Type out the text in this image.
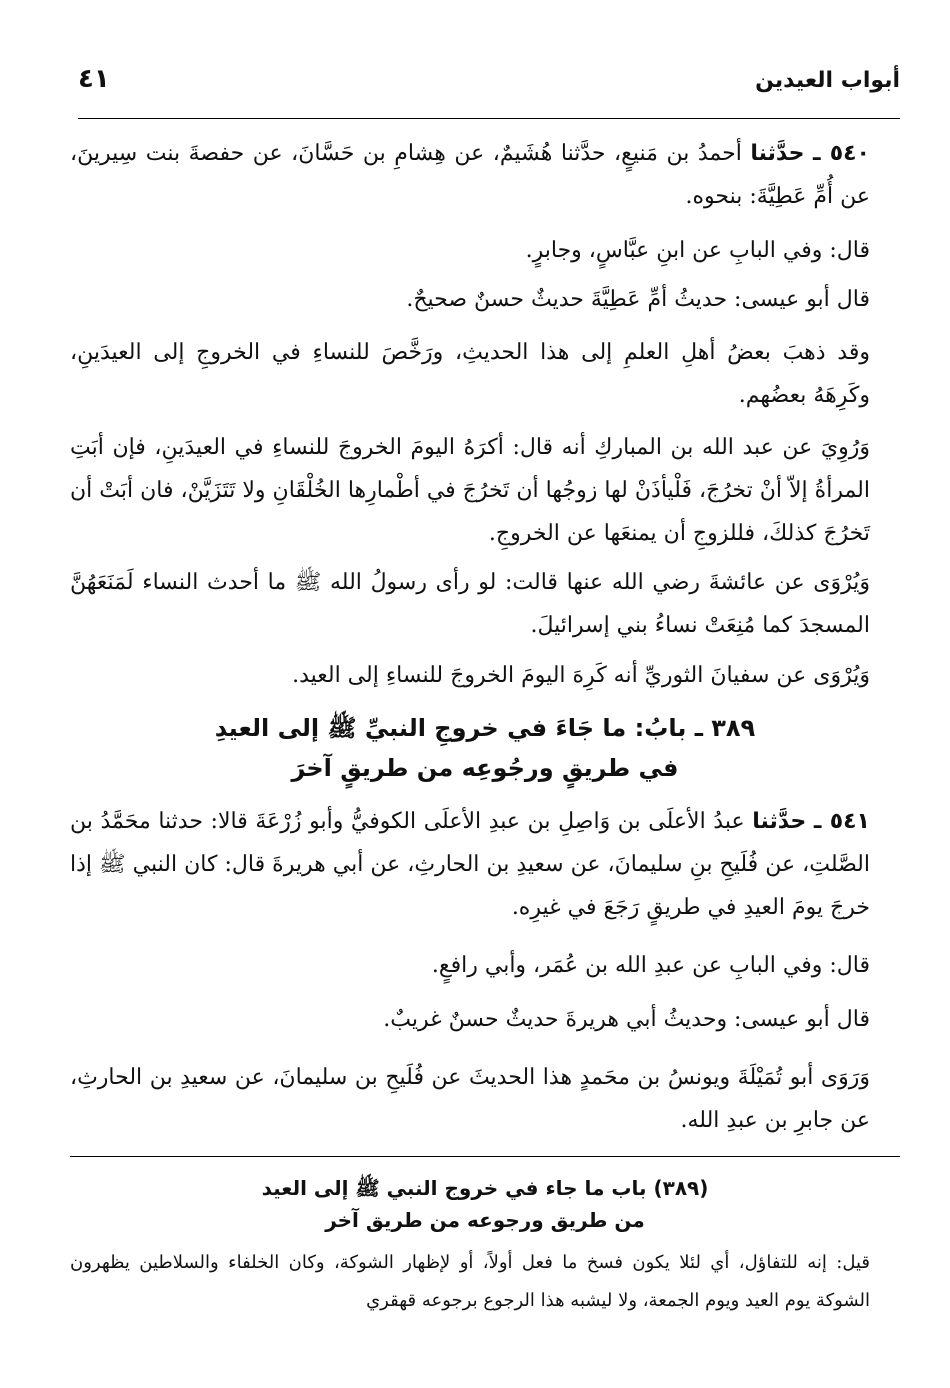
أبواب العيدين
٤١
٥٤٠ ـ حدَّثنا أحمدُ بن مَنيعٍ، حدَّثنا هُشَيمٌ، عن هِشامِ بن حَسَّانَ، عن حفصةَ بنت سِيرينَ، عن أُمِّ عَطِيَّةَ: بنحوه.
قال: وفي البابِ عن ابنِ عبَّاسٍ، وجابرٍ.
قال أبو عيسى: حديثُ أمِّ عَطِيَّةَ حديثٌ حسنٌ صحيحٌ.
وقد ذهبَ بعضُ أهلِ العلمِ إلى هذا الحديثِ، ورَخَّصَ للنساءِ في الخروجِ إلى العيدَينِ، وكَرِهَهُ بعضُهم.
وَرُوِيَ عن عبد الله بن المباركِ أنه قال: أكرَهُ اليومَ الخروجَ للنساءِ في العيدَينِ، فإن أبَتِ المرأةُ إلاّ أنْ تخرُجَ، فَلْيأذَنْ لها زوجُها أن تَخرُجَ في أطْمارِها الخُلْقَانِ ولا تَتَزَيَّنْ، فان أبَتْ أن تَخرُجَ كذلكَ، فللزوجِ أن يمنعَها عن الخروجِ.
وَيُرْوَى عن عائشةَ رضي الله عنها قالت: لو رأى رسولُ الله ﷺ ما أحدث النساء لَمَنَعَهُنَّ المسجدَ كما مُنِعَتْ نساءُ بني إسرائيلَ.
وَيُرْوَى عن سفيانَ الثوريِّ أنه كَرِهَ اليومَ الخروجَ للنساءِ إلى العيد.
٣٨٩ ـ بابُ: ما جَاءَ في خروجِ النبيِّ ﷺ إلى العيدِ
في طريقٍ ورجُوعِه من طريقٍ آخرَ
٥٤١ ـ حدَّثنا عبدُ الأعلَى بن وَاصِلِ بن عبدِ الأعلَى الكوفيُّ وأبو زُرْعَةَ قالا: حدثنا محَمَّدُ بن الصَّلتِ، عن فُلَيحِ بنِ سليمانَ، عن سعيدِ بن الحارثِ، عن أبي هريرةَ قال: كان النبي ﷺ إذا خرجَ يومَ العيدِ في طريقٍ رَجَعَ في غيرِه.
قال: وفي البابِ عن عبدِ الله بن عُمَر، وأبي رافعٍ.
قال أبو عيسى: وحديثُ أبي هريرةَ حديثٌ حسنٌ غريبٌ.
وَرَوَى أبو تُمَيْلَةَ ويونسُ بن محَمدٍ هذا الحديثَ عن فُلَيحِ بن سليمانَ، عن سعيدِ بن الحارثِ، عن جابرِ بن عبدِ الله.
(٣٨٩) باب ما جاء في خروج النبي ﷺ إلى العيد
من طريق ورجوعه من طريق آخر
قيل: إنه للتفاؤل، أي لئلا يكون فسخ ما فعل أولاً، أو لإظهار الشوكة، وكان الخلفاء والسلاطين يظهرون الشوكة يوم العيد ويوم الجمعة، ولا ليشبه هذا الرجوع برجوعه قهقري
